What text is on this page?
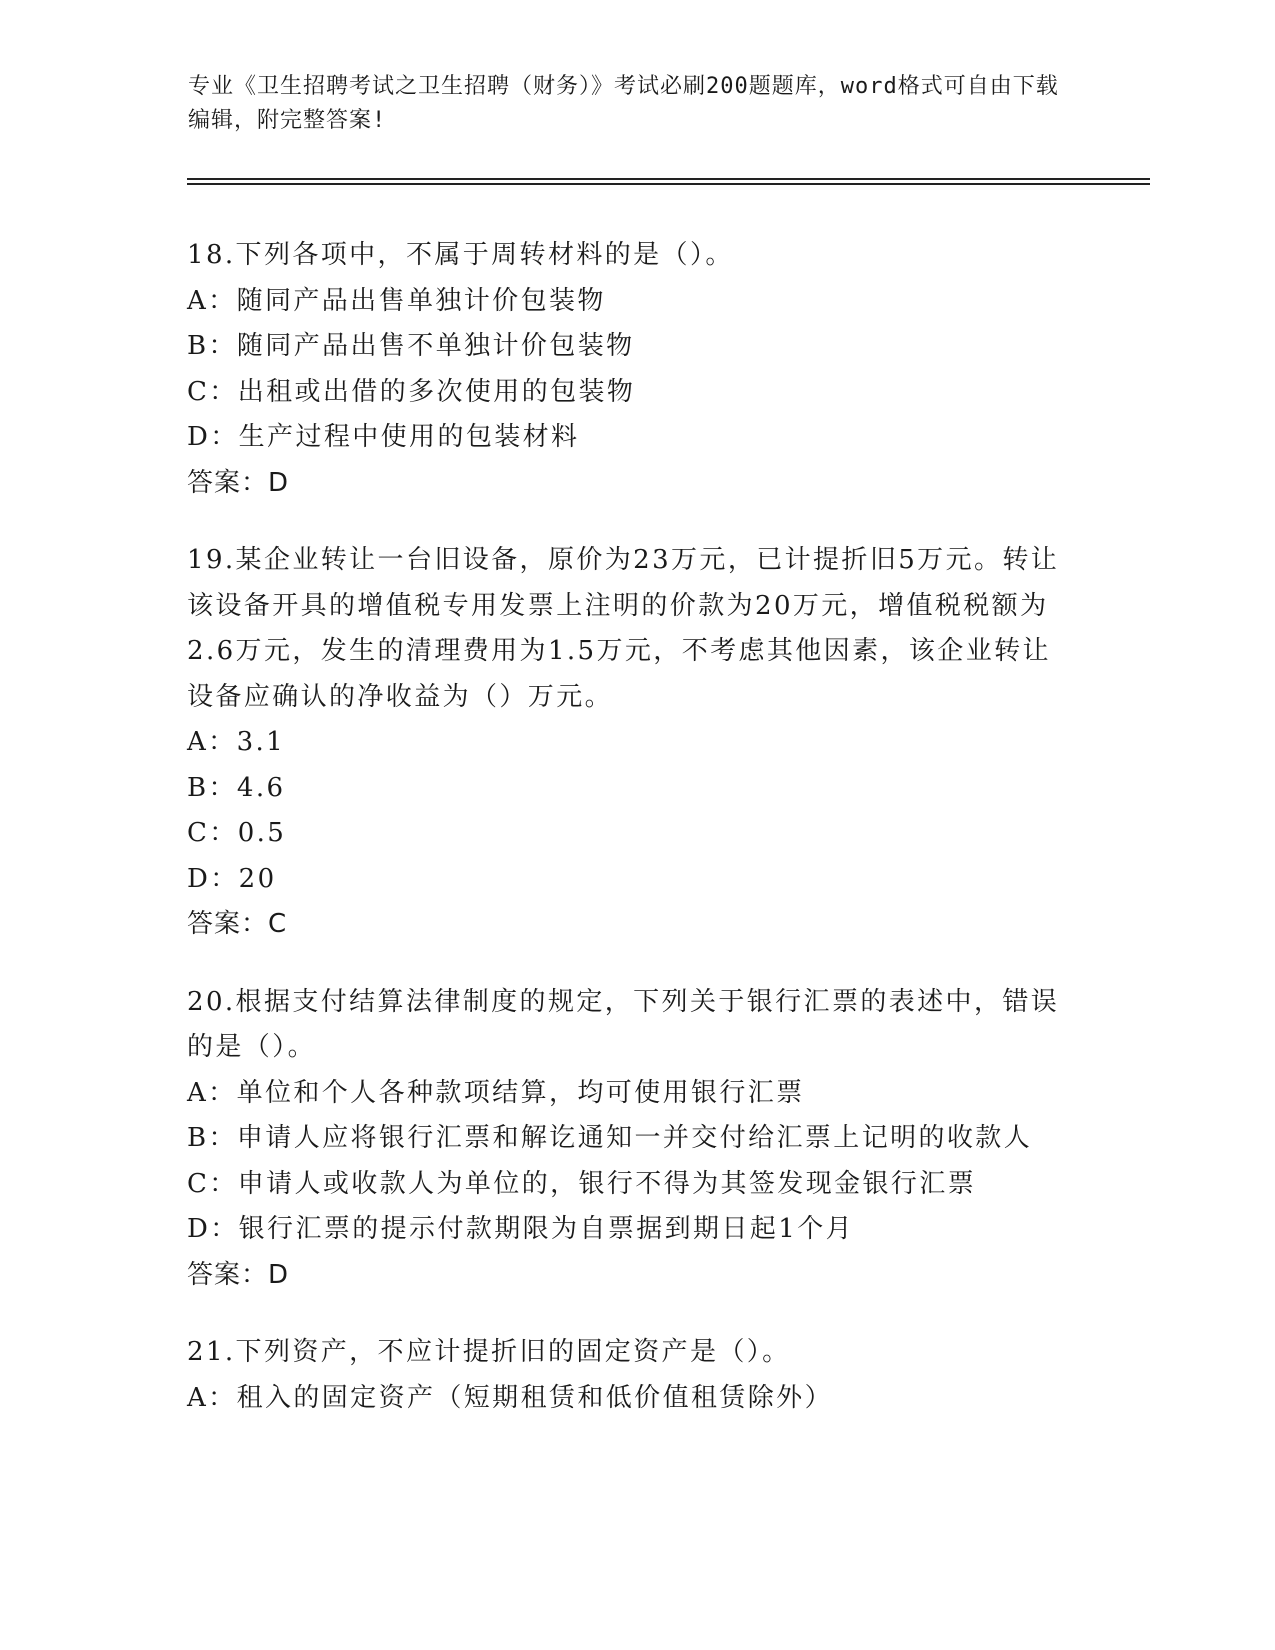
专业《卫生招聘考试之卫生招聘（财务）》考试必刷200题题库，word格式可自由下载编辑，附完整答案!
18.下列各项中，不属于周转材料的是（）。
A：随同产品出售单独计价包装物
B：随同产品出售不单独计价包装物
C：出租或出借的多次使用的包装物
D：生产过程中使用的包装材料
答案：D
19.某企业转让一台旧设备，原价为23万元，已计提折旧5万元。转让该设备开具的增值税专用发票上注明的价款为20万元，增值税税额为2.6万元，发生的清理费用为1.5万元，不考虑其他因素，该企业转让设备应确认的净收益为（）万元。
A：3.1
B：4.6
C：0.5
D：20
答案：C
20.根据支付结算法律制度的规定，下列关于银行汇票的表述中，错误的是（）。
A：单位和个人各种款项结算，均可使用银行汇票
B：申请人应将银行汇票和解讫通知一并交付给汇票上记明的收款人
C：申请人或收款人为单位的，银行不得为其签发现金银行汇票
D：银行汇票的提示付款期限为自票据到期日起1个月
答案：D
21.下列资产，不应计提折旧的固定资产是（）。
A：租入的固定资产（短期租赁和低价值租赁除外）
